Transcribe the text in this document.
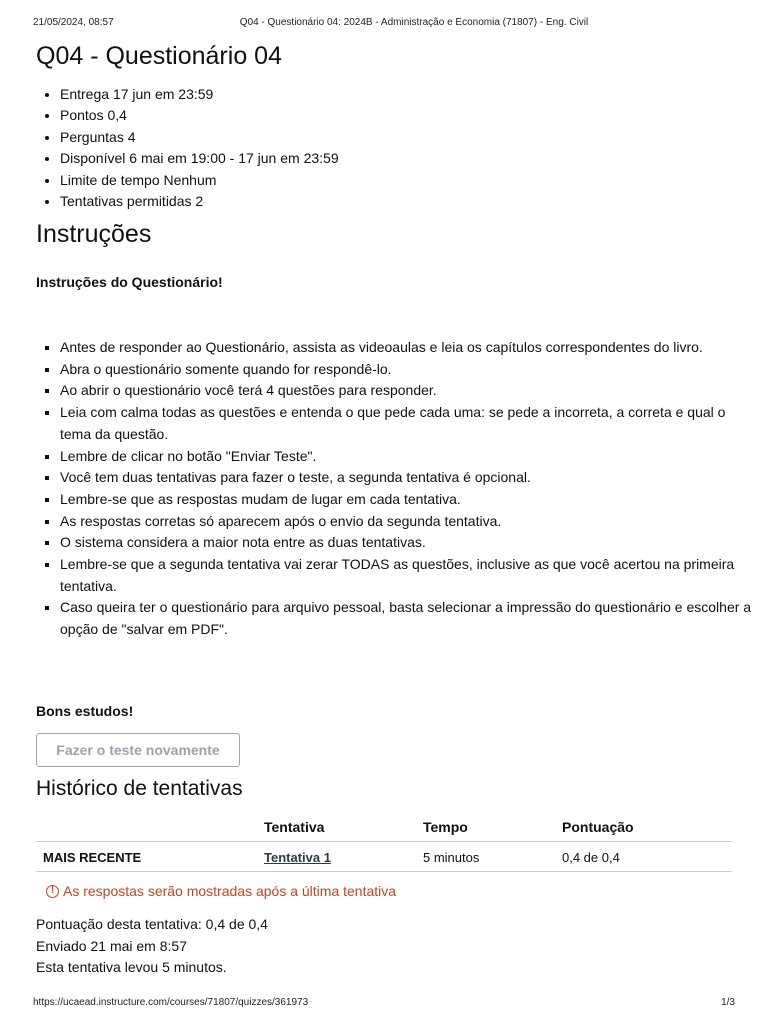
21/05/2024, 08:57	Q04 - Questionário 04: 2024B - Administração e Economia (71807) - Eng. Civil
Q04 - Questionário 04
• Entrega 17 jun em 23:59
• Pontos 0,4
• Perguntas 4
• Disponível 6 mai em 19:00 - 17 jun em 23:59
• Limite de tempo Nenhum
• Tentativas permitidas 2
Instruções
Instruções do Questionário!
▪ Antes de responder ao Questionário, assista as videoaulas e leia os capítulos correspondentes do livro.
▪ Abra o questionário somente quando for respondê-lo.
▪ Ao abrir o questionário você terá 4 questões para responder.
▪ Leia com calma todas as questões e entenda o que pede cada uma: se pede a incorreta, a correta e qual o tema da questão.
▪ Lembre de clicar no botão "Enviar Teste".
▪ Você tem duas tentativas para fazer o teste, a segunda tentativa é opcional.
▪ Lembre-se que as respostas mudam de lugar em cada tentativa.
▪ As respostas corretas só aparecem após o envio da segunda tentativa.
▪ O sistema considera a maior nota entre as duas tentativas.
▪ Lembre-se que a segunda tentativa vai zerar TODAS as questões, inclusive as que você acertou na primeira tentativa.
▪ Caso queira ter o questionário para arquivo pessoal, basta selecionar a impressão do questionário e escolher a opção de "salvar em PDF".
Bons estudos!
Fazer o teste novamente
Histórico de tentativas
	Tentativa	Tempo	Pontuação
MAIS RECENTE	Tentativa 1	5 minutos	0,4 de 0,4
! As respostas serão mostradas após a última tentativa
Pontuação desta tentativa: 0,4 de 0,4
Enviado 21 mai em 8:57
Esta tentativa levou 5 minutos.
https://ucaead.instructure.com/courses/71807/quizzes/361973	1/3
